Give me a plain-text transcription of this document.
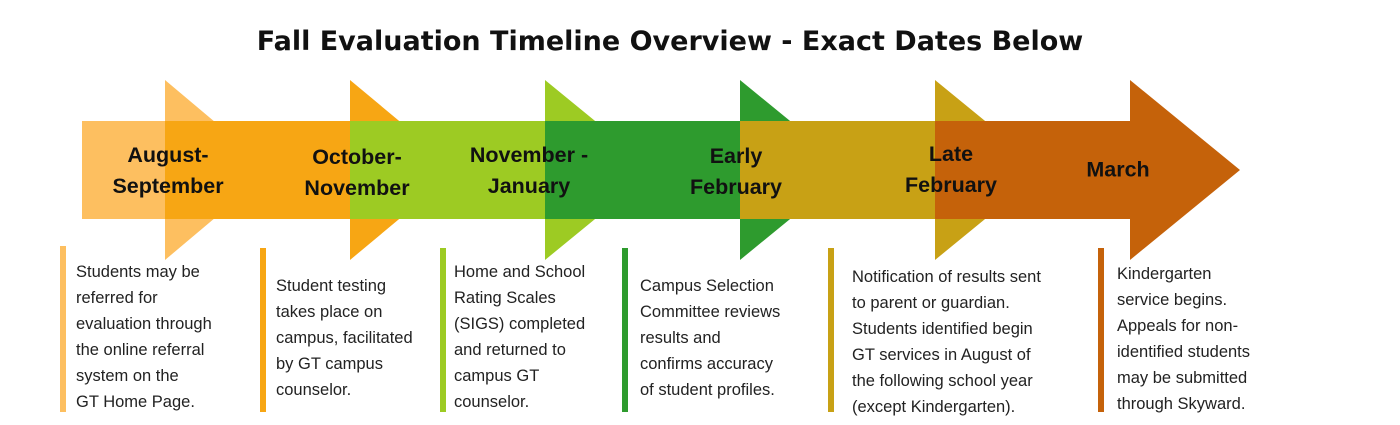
Fall Evaluation Timeline Overview - Exact Dates Below
August-
September
October-
November
November -
January
Early
February
Late
February
March
Students may be
referred for
evaluation through
the online referral
system on the
GT Home Page.
Student testing
takes place on
campus, facilitated
by GT campus
counselor.
Home and School
Rating Scales
(SIGS) completed
and returned to
campus GT
counselor.
Campus Selection
Committee reviews
results and
confirms accuracy
of student profiles.
Notification of results sent
to parent or guardian.
Students identified begin
GT services in August of
the following school year
(except Kindergarten).
Kindergarten
service begins.
Appeals for non-
identified students
may be submitted
through Skyward.
